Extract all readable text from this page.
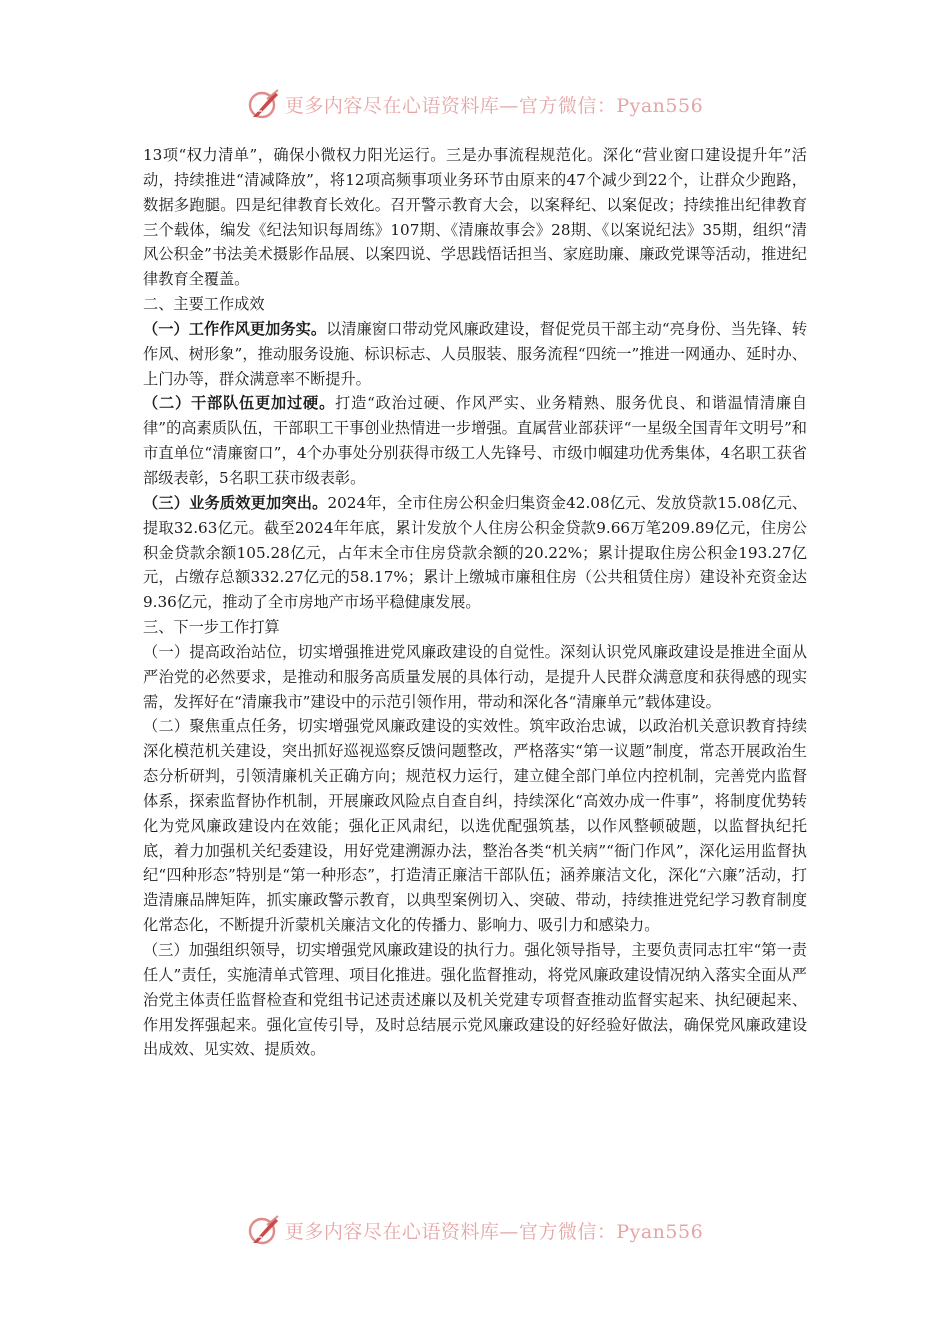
更多内容尽在心语资料库—官方微信：Pyan556

13项“权力清单”，确保小微权力阳光运行。三是办事流程规范化。深化“营业窗口建设提升年”活动，持续推进“清减降放”，将12项高频事项业务环节由原来的47个减少到22个，让群众少跑路，数据多跑腿。四是纪律教育长效化。召开警示教育大会，以案释纪、以案促改；持续推出纪律教育三个载体，编发《纪法知识每周练》107期、《清廉故事会》28期、《以案说纪法》35期，组织“清风公积金”书法美术摄影作品展、以案四说、学思践悟话担当、家庭助廉、廉政党课等活动，推进纪律教育全覆盖。

二、主要工作成效

（一）工作作风更加务实。以清廉窗口带动党风廉政建设，督促党员干部主动“亮身份、当先锋、转作风、树形象”，推动服务设施、标识标志、人员服装、服务流程“四统一”推进一网通办、延时办、上门办等，群众满意率不断提升。

（二）干部队伍更加过硬。打造“政治过硬、作风严实、业务精熟、服务优良、和谐温情清廉自律”的高素质队伍，干部职工干事创业热情进一步增强。直属营业部获评“一星级全国青年文明号”和市直单位“清廉窗口”，4个办事处分别获得市级工人先锋号、市级巾帼建功优秀集体，4名职工获省部级表彰，5名职工获市级表彰。

（三）业务质效更加突出。2024年，全市住房公积金归集资金42.08亿元、发放贷款15.08亿元、提取32.63亿元。截至2024年年底，累计发放个人住房公积金贷款9.66万笔209.89亿元，住房公积金贷款余额105.28亿元，占年末全市住房贷款余额的20.22%；累计提取住房公积金193.27亿元，占缴存总额332.27亿元的58.17%；累计上缴城市廉租住房（公共租赁住房）建设补充资金达9.36亿元，推动了全市房地产市场平稳健康发展。

三、下一步工作打算

（一）提高政治站位，切实增强推进党风廉政建设的自觉性。深刻认识党风廉政建设是推进全面从严治党的必然要求，是推动和服务高质量发展的具体行动，是提升人民群众满意度和获得感的现实需，发挥好在“清廉我市”建设中的示范引领作用，带动和深化各“清廉单元”载体建设。

（二）聚焦重点任务，切实增强党风廉政建设的实效性。筑牢政治忠诚，以政治机关意识教育持续深化模范机关建设，突出抓好巡视巡察反馈问题整改，严格落实“第一议题”制度，常态开展政治生态分析研判，引领清廉机关正确方向；规范权力运行，建立健全部门单位内控机制，完善党内监督体系，探索监督协作机制，开展廉政风险点自查自纠，持续深化“高效办成一件事”，将制度优势转化为党风廉政建设内在效能；强化正风肃纪，以选优配强筑基，以作风整顿破题，以监督执纪托底，着力加强机关纪委建设，用好党建溯源办法，整治各类“机关病”“衙门作风”，深化运用监督执纪“四种形态”特别是“第一种形态”，打造清正廉洁干部队伍；涵养廉洁文化，深化“六廉”活动，打造清廉品牌矩阵，抓实廉政警示教育，以典型案例切入、突破、带动，持续推进党纪学习教育制度化常态化，不断提升沂蒙机关廉洁文化的传播力、影响力、吸引力和感染力。

（三）加强组织领导，切实增强党风廉政建设的执行力。强化领导指导，主要负责同志扛牢“第一责任人”责任，实施清单式管理、项目化推进。强化监督推动，将党风廉政建设情况纳入落实全面从严治党主体责任监督检查和党组书记述责述廉以及机关党建专项督查推动监督实起来、执纪硬起来、作用发挥强起来。强化宣传引导，及时总结展示党风廉政建设的好经验好做法，确保党风廉政建设出成效、见实效、提质效。

更多内容尽在心语资料库—官方微信：Pyan556
